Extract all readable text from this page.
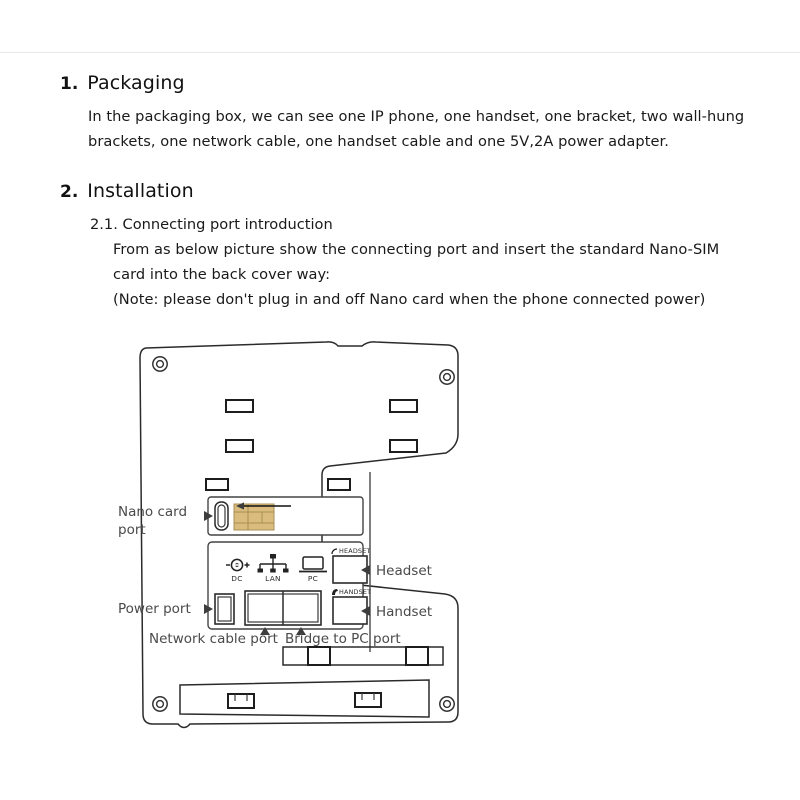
1. Packaging
In the packaging box, we can see one IP phone, one handset, one bracket, two wall-hung brackets, one network cable, one handset cable and one 5V,2A power adapter.
2. Installation
2.1. Connecting port introduction
From as below picture show the connecting port and insert the standard Nano-SIM card into the back cover way:
(Note: please don't plug in and off Nano card when the phone connected power)
DC	LAN	PC
HEADSET
HANDSET
Nano card
port
Power port
Headset
Handset
Network cable port Bridge to PC port
